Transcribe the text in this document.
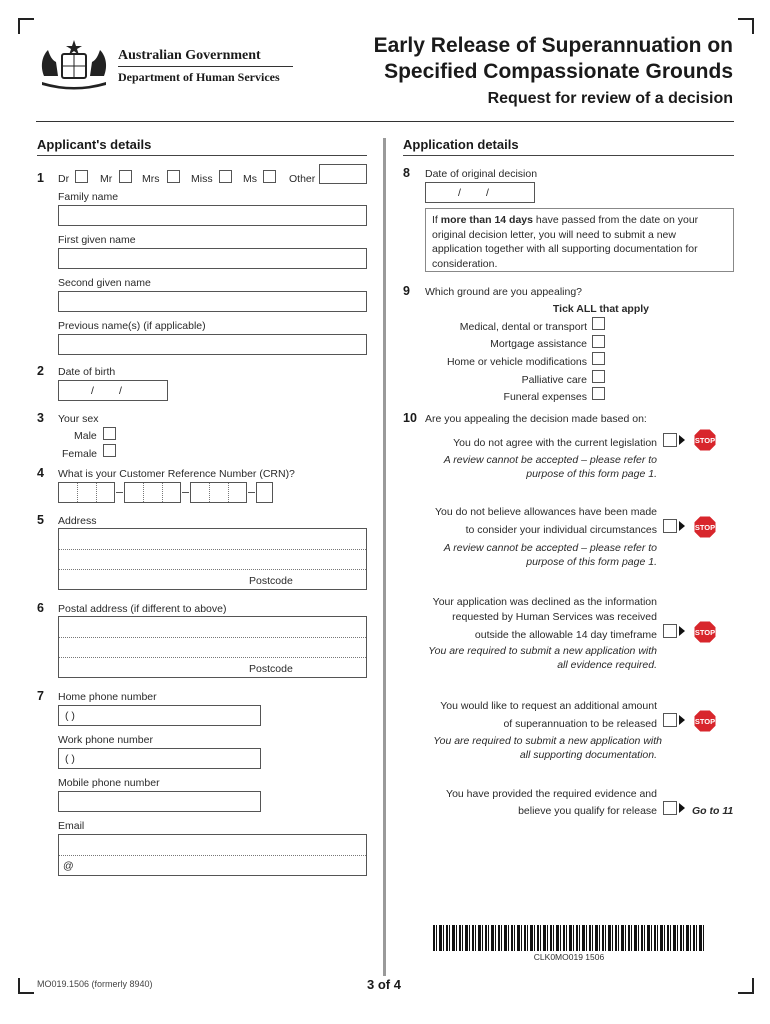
Australian Government
Department of Human Services
Early Release of Superannuation on
Specified Compassionate Grounds
Request for review of a decision
Applicant's details
1 Dr	Mr	Mrs	Miss	Ms	Other
Family name
First given name
Second given name
Previous name(s) (if applicable)
2 Date of birth
/ /
3 Your sex
Male
Female
4 What is your Customer Reference Number (CRN)?
5 Address
Postcode
6 Postal address (if different to above)
Postcode
7 Home phone number
( )
Work phone number
( )
Mobile phone number
Email
@
Application details
8 Date of original decision
/ /
If more than 14 days have passed from the date on your original decision letter, you will need to submit a new application together with all supporting documentation for consideration.
9 Which ground are you appealing?
Tick ALL that apply
Medical, dental or transport
Mortgage assistance
Home or vehicle modifications
Palliative care
Funeral expenses
10 Are you appealing the decision made based on:
You do not agree with the current legislation
A review cannot be accepted – please refer to
purpose of this form page 1.
STOP
You do not believe allowances have been made
to consider your individual circumstances
A review cannot be accepted – please refer to
purpose of this form page 1.
STOP
Your application was declined as the information
requested by Human Services was received
outside the allowable 14 day timeframe
You are required to submit a new application with
all evidence required.
STOP
You would like to request an additional amount
of superannuation to be released
You are required to submit a new application with
all supporting documentation.
STOP
You have provided the required evidence and
believe you qualify for release	Go to 11
CLK0MO019 1506
MO019.1506 (formerly 8940)	3 of 4
